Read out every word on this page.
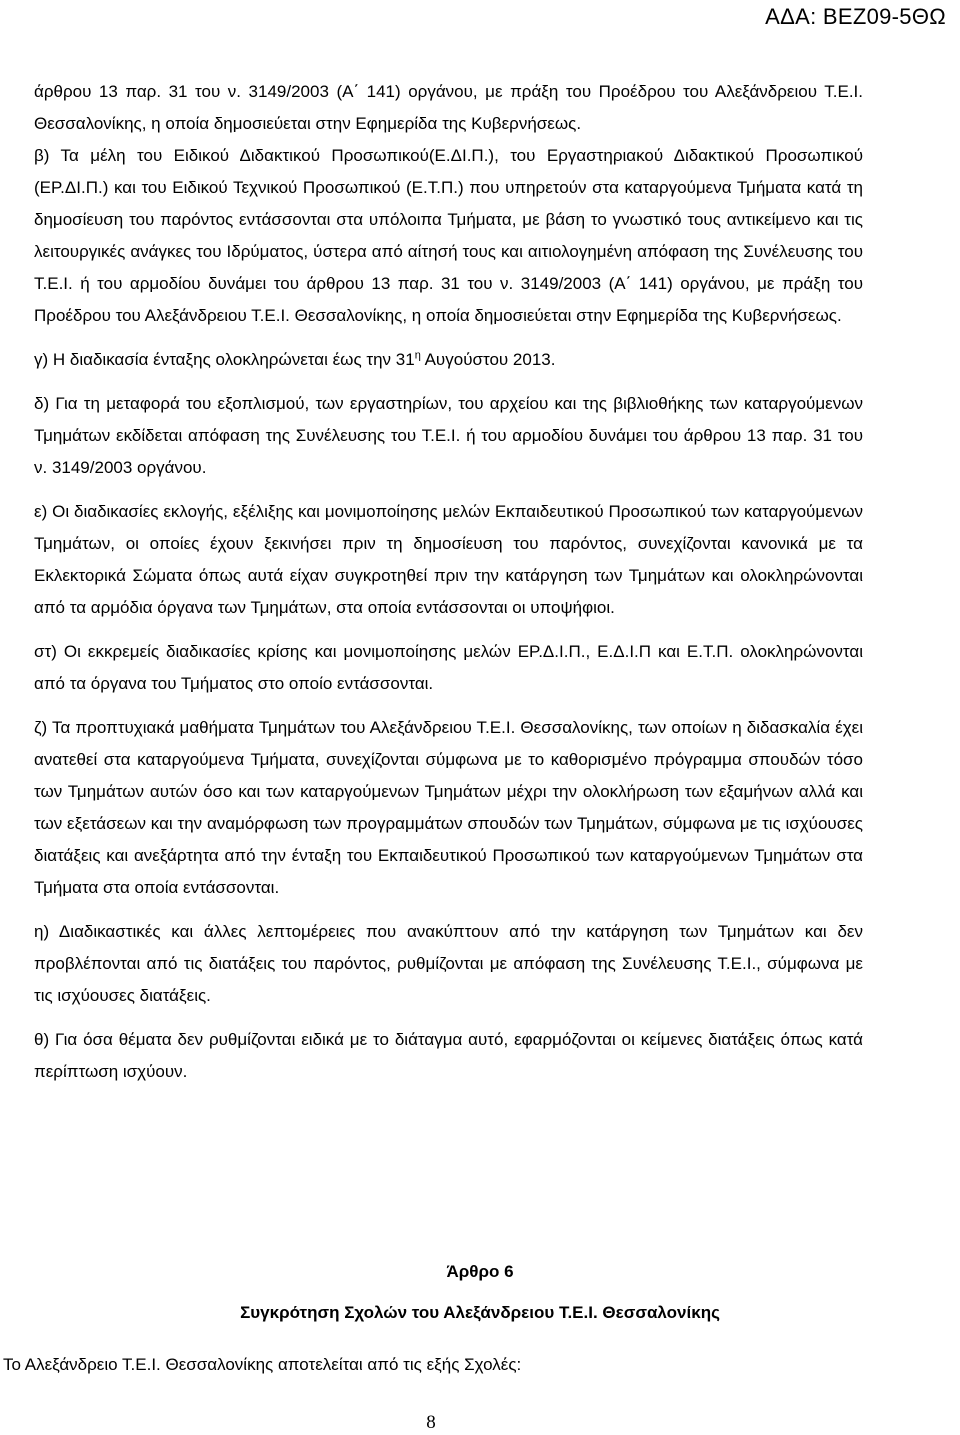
ΑΔΑ: ΒΕΖ09-5ΘΩ

άρθρου 13 παρ. 31 του ν. 3149/2003 (Α΄ 141) οργάνου, με πράξη του Προέδρου του Αλεξάνδρειου Τ.Ε.Ι. Θεσσαλονίκης, η οποία δημοσιεύεται στην Εφημερίδα της Κυβερνήσεως.

β) Τα μέλη του Ειδικού Διδακτικού Προσωπικού(Ε.ΔΙ.Π.), του Εργαστηριακού Διδακτικού Προσωπικού (ΕΡ.ΔΙ.Π.) και του Ειδικού Τεχνικού Προσωπικού (Ε.Τ.Π.) που υπηρετούν στα καταργούμενα Τμήματα κατά τη δημοσίευση του παρόντος εντάσσονται στα υπόλοιπα Τμήματα, με βάση το γνωστικό τους αντικείμενο και τις λειτουργικές ανάγκες του Ιδρύματος, ύστερα από αίτησή τους και αιτιολογημένη απόφαση της Συνέλευσης του Τ.Ε.Ι. ή του αρμοδίου δυνάμει του άρθρου 13 παρ. 31 του ν. 3149/2003 (Α΄ 141) οργάνου, με πράξη του Προέδρου του Αλεξάνδρειου Τ.Ε.Ι. Θεσσαλονίκης, η οποία δημοσιεύεται στην Εφημερίδα της Κυβερνήσεως.

γ) Η διαδικασία ένταξης ολοκληρώνεται έως την $31^\eta$ Αυγούστου 2013.

δ) Για τη μεταφορά του εξοπλισμού, των εργαστηρίων, του αρχείου και της βιβλιοθήκης των καταργούμενων Τμημάτων εκδίδεται απόφαση της Συνέλευσης του Τ.Ε.Ι. ή του αρμοδίου δυνάμει του άρθρου 13 παρ. 31 του ν. 3149/2003 οργάνου.

ε) Οι διαδικασίες εκλογής, εξέλιξης και μονιμοποίησης μελών Εκπαιδευτικού Προσωπικού των καταργούμενων Τμημάτων, οι οποίες έχουν ξεκινήσει πριν τη δημοσίευση του παρόντος, συνεχίζονται κανονικά με τα Εκλεκτορικά Σώματα όπως αυτά είχαν συγκροτηθεί πριν την κατάργηση των Τμημάτων και ολοκληρώνονται από τα αρμόδια όργανα των Τμημάτων, στα οποία εντάσσονται οι υποψήφιοι.

στ) Οι εκκρεμείς διαδικασίες κρίσης και μονιμοποίησης μελών ΕΡ.Δ.Ι.Π., Ε.Δ.Ι.Π και Ε.Τ.Π. ολοκληρώνονται από τα όργανα του Τμήματος στο οποίο εντάσσονται.

ζ) Τα προπτυχιακά μαθήματα Τμημάτων του Αλεξάνδρειου Τ.Ε.Ι. Θεσσαλονίκης, των οποίων η διδασκαλία έχει ανατεθεί στα καταργούμενα Τμήματα, συνεχίζονται σύμφωνα με το καθορισμένο πρόγραμμα σπουδών τόσο των Τμημάτων αυτών όσο και των καταργούμενων Τμημάτων μέχρι την ολοκλήρωση των εξαμήνων αλλά και των εξετάσεων και την αναμόρφωση των προγραμμάτων σπουδών των Τμημάτων, σύμφωνα με τις ισχύουσες διατάξεις και ανεξάρτητα από την ένταξη του Εκπαιδευτικού Προσωπικού των καταργούμενων Τμημάτων στα Τμήματα στα οποία εντάσσονται.

η) Διαδικαστικές και άλλες λεπτομέρειες που ανακύπτουν από την κατάργηση των Τμημάτων και δεν προβλέπονται από τις διατάξεις του παρόντος, ρυθμίζονται με απόφαση της Συνέλευσης Τ.Ε.Ι., σύμφωνα με τις ισχύουσες διατάξεις.

θ) Για όσα θέματα δεν ρυθμίζονται ειδικά με το διάταγμα αυτό, εφαρμόζονται οι κείμενες διατάξεις όπως κατά περίπτωση ισχύουν.

Άρθρο 6
Συγκρότηση Σχολών του Αλεξάνδρειου Τ.Ε.Ι. Θεσσαλονίκης
Το Αλεξάνδρειο Τ.Ε.Ι. Θεσσαλονίκης αποτελείται από τις εξής Σχολές:
8
